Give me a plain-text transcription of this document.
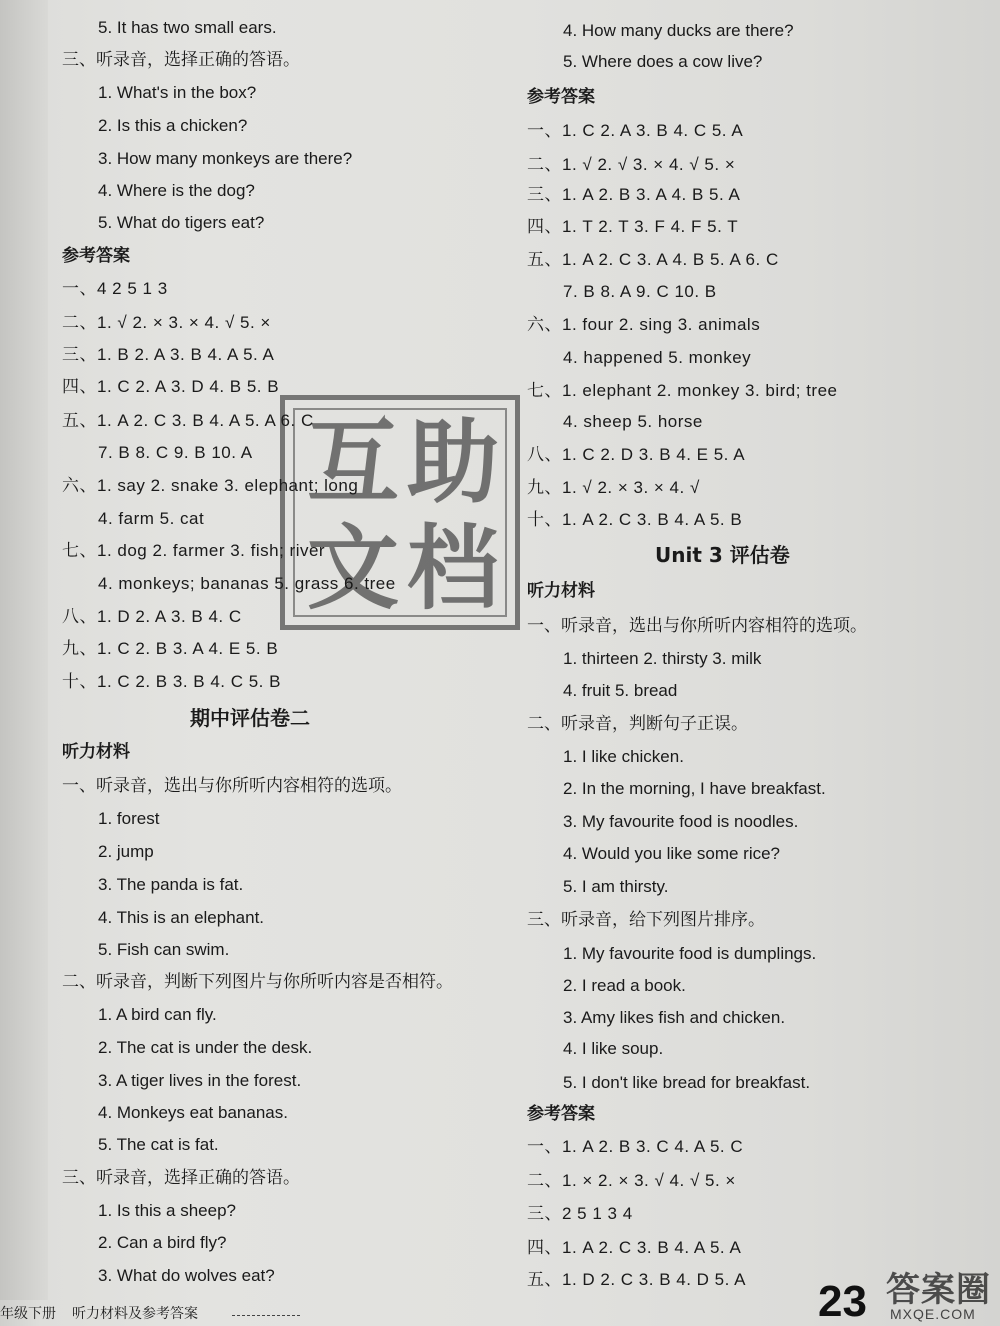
5. It has two small ears.
三、听录音，选择正确的答语。
1. What's in the box?
2. Is this a chicken?
3. How many monkeys are there?
4. Where is the dog?
5. What do tigers eat?
参考答案
一、4 2 5 1 3
二、1. √ 2. × 3. × 4. √ 5. ×
三、1. B 2. A 3. B 4. A 5. A
四、1. C 2. A 3. D 4. B 5. B
五、1. A 2. C 3. B 4. A 5. A 6. C
7. B 8. C 9. B 10. A
六、1. say 2. snake 3. elephant; long
4. farm 5. cat
七、1. dog 2. farmer 3. fish; river
4. monkeys; bananas 5. grass 6. tree
八、1. D 2. A 3. B 4. C
九、1. C 2. B 3. A 4. E 5. B
十、1. C 2. B 3. B 4. C 5. B
期中评估卷二
听力材料
一、听录音，选出与你所听内容相符的选项。
1. forest
2. jump
3. The panda is fat.
4. This is an elephant.
5. Fish can swim.
二、听录音，判断下列图片与你所听内容是否相符。
1. A bird can fly.
2. The cat is under the desk.
3. A tiger lives in the forest.
4. Monkeys eat bananas.
5. The cat is fat.
三、听录音，选择正确的答语。
1. Is this a sheep?
2. Can a bird fly?
3. What do wolves eat?
4. How many ducks are there?
5. Where does a cow live?
参考答案
一、1. C 2. A 3. B 4. C 5. A
二、1. √ 2. √ 3. × 4. √ 5. ×
三、1. A 2. B 3. A 4. B 5. A
四、1. T 2. T 3. F 4. F 5. T
五、1. A 2. C 3. A 4. B 5. A 6. C
7. B 8. A 9. C 10. B
六、1. four 2. sing 3. animals
4. happened 5. monkey
七、1. elephant 2. monkey 3. bird; tree
4. sheep 5. horse
八、1. C 2. D 3. B 4. E 5. A
九、1. √ 2. × 3. × 4. √
十、1. A 2. C 3. B 4. A 5. B
Unit 3 评估卷
听力材料
一、听录音，选出与你所听内容相符的选项。
1. thirteen 2. thirsty 3. milk
4. fruit 5. bread
二、听录音，判断句子正误。
1. I like chicken.
2. In the morning, I have breakfast.
3. My favourite food is noodles.
4. Would you like some rice?
5. I am thirsty.
三、听录音，给下列图片排序。
1. My favourite food is dumplings.
2. I read a book.
3. Amy likes fish and chicken.
4. I like soup.
5. I don't like bread for breakfast.
参考答案
一、1. A 2. B 3. C 4. A 5. C
二、1. × 2. × 3. √ 4. √ 5. ×
三、2 5 1 3 4
四、1. A 2. C 3. B 4. A 5. A
五、1. D 2. C 3. B 4. D 5. A
互 助
文 档
年级下册 听力材料及参考答案	23 答案圈
MXQE.COM
